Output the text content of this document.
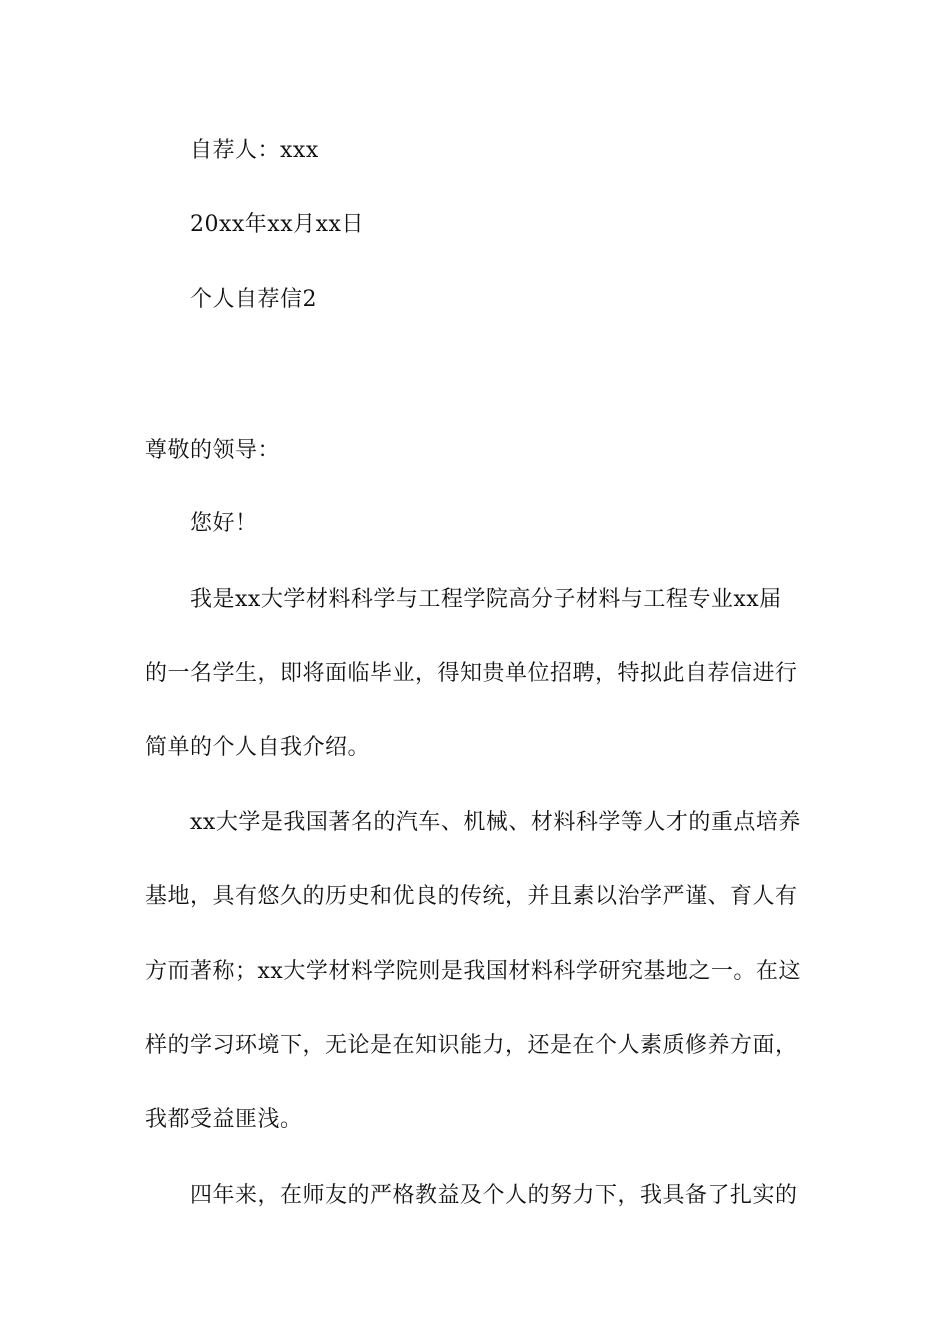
自荐人：xxx
20xx年xx月xx日
个人自荐信2
尊敬的领导：
您好！
我是xx大学材料科学与工程学院高分子材料与工程专业xx届
的一名学生，即将面临毕业，得知贵单位招聘，特拟此自荐信进行
简单的个人自我介绍。
xx大学是我国著名的汽车、机械、材料科学等人才的重点培养
基地，具有悠久的历史和优良的传统，并且素以治学严谨、育人有
方而著称；xx大学材料学院则是我国材料科学研究基地之一。在这
样的学习环境下，无论是在知识能力，还是在个人素质修养方面，
我都受益匪浅。
四年来，在师友的严格教益及个人的努力下，我具备了扎实的
